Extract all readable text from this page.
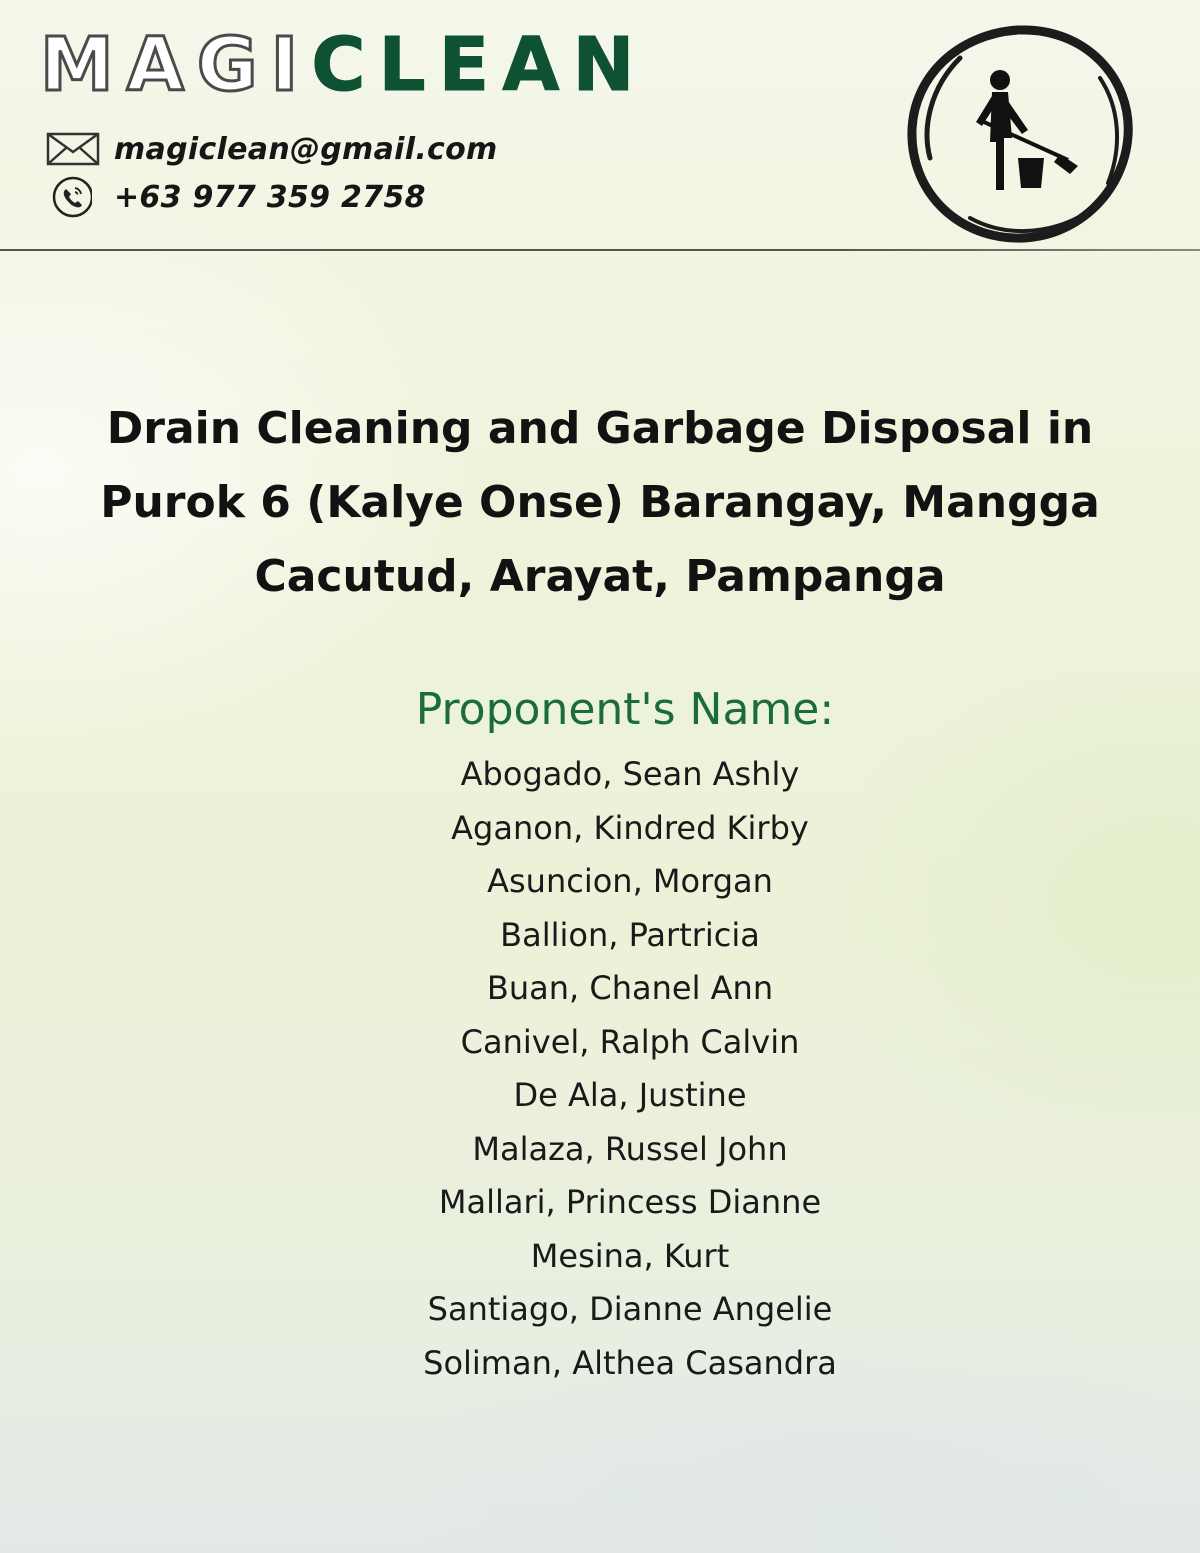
MAGICLEAN
magiclean@gmail.com
+63 977 359 2758
Drain Cleaning and Garbage Disposal in
Purok 6 (Kalye Onse) Barangay, Mangga
Cacutud, Arayat, Pampanga
Proponent's Name:
Abogado, Sean Ashly
Aganon, Kindred Kirby
Asuncion, Morgan
Ballion, Partricia
Buan, Chanel Ann
Canivel, Ralph Calvin
De Ala, Justine
Malaza, Russel John
Mallari, Princess Dianne
Mesina, Kurt
Santiago, Dianne Angelie
Soliman, Althea Casandra
